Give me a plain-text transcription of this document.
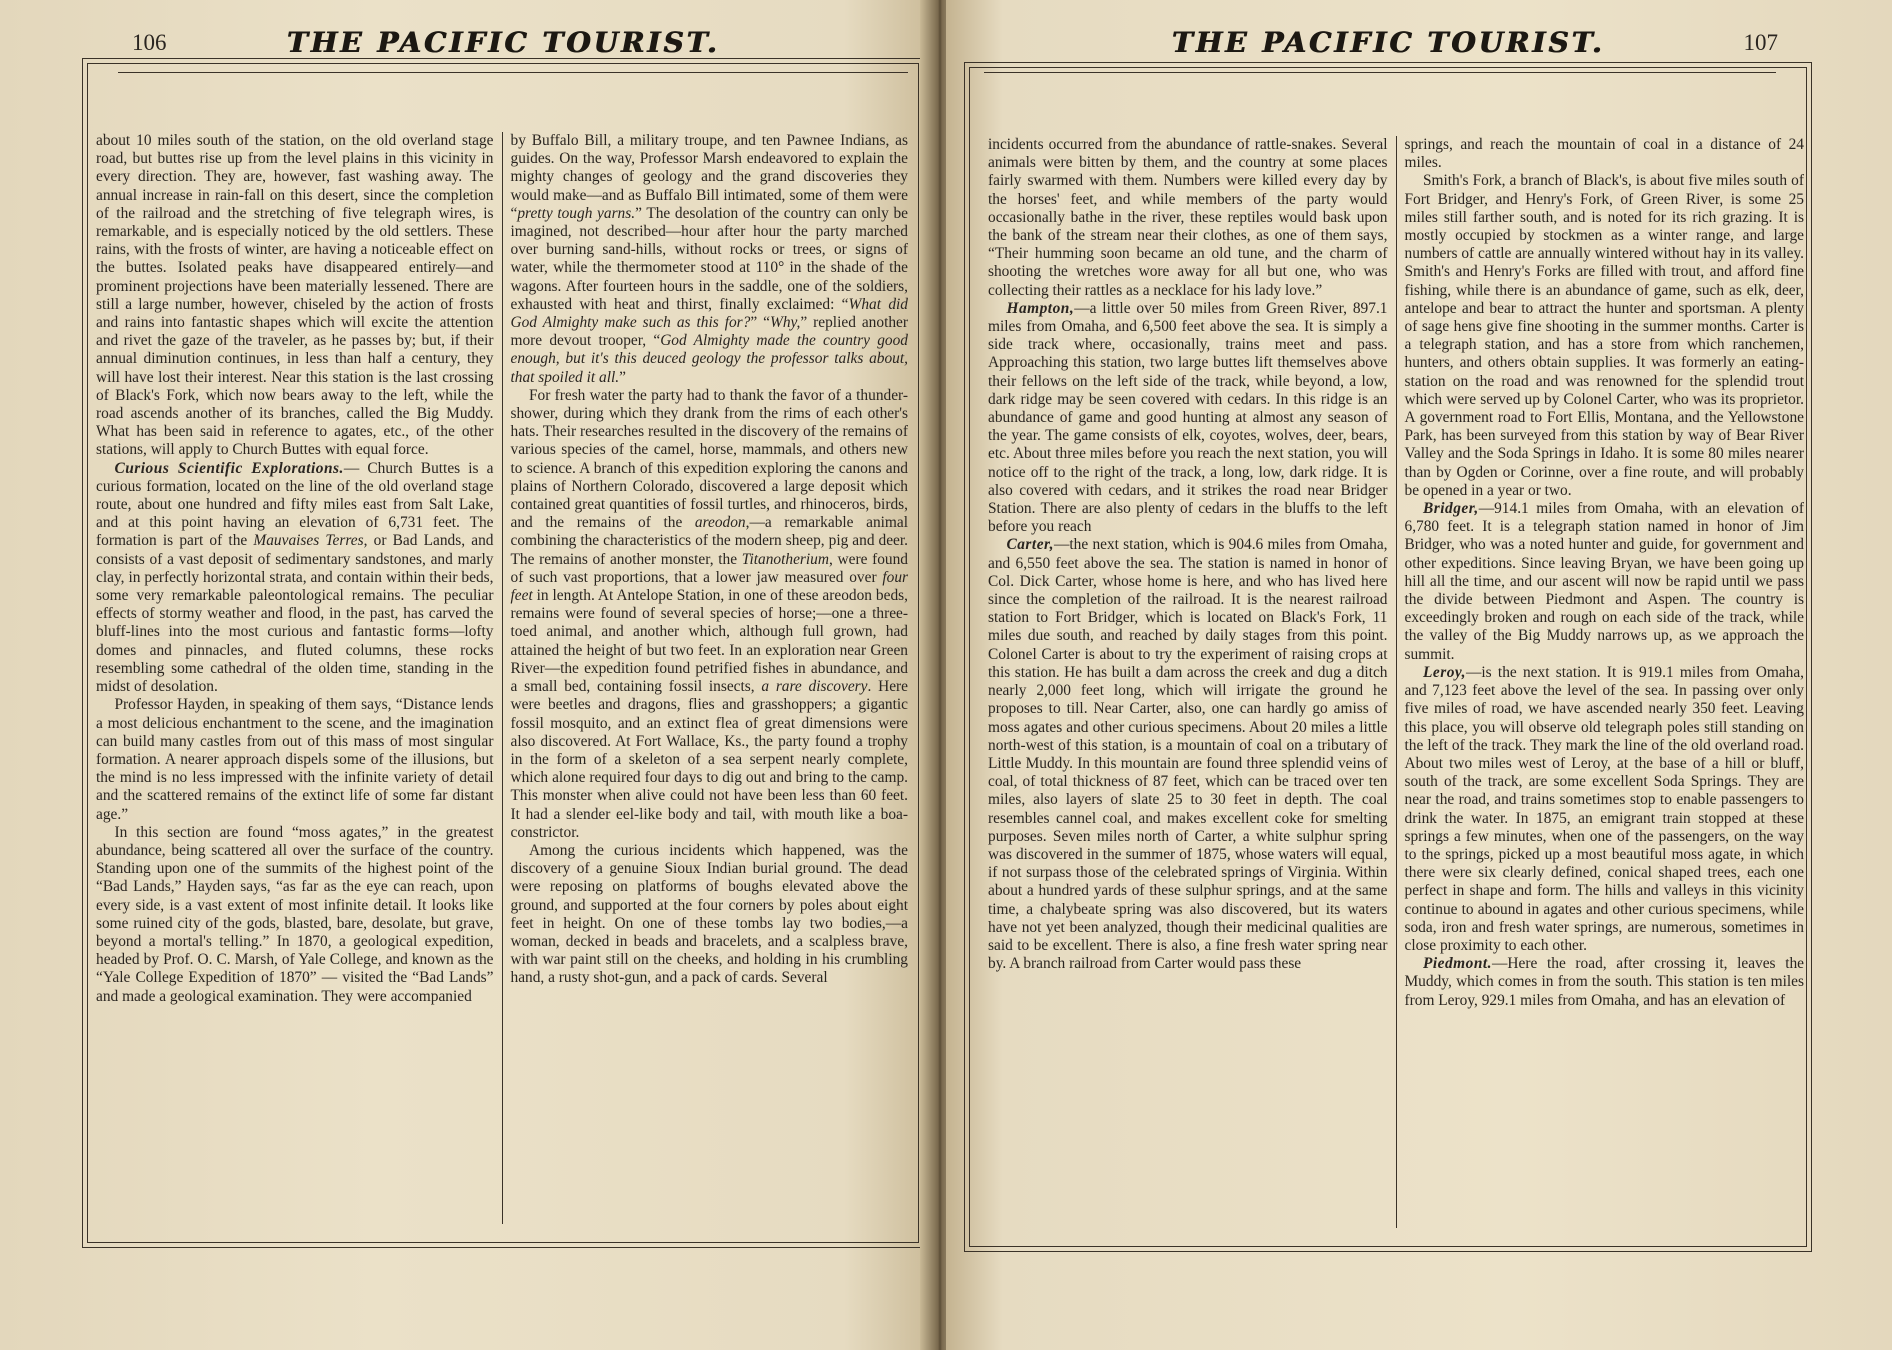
106	THE PACIFIC TOURIST.

about 10 miles south of the station, on the old overland stage road, but buttes rise up from the level plains in this vicinity in every direction. They are, however, fast washing away. The annual increase in rain-fall on this desert, since the completion of the railroad and the stretching of five telegraph wires, is remarkable, and is especially noticed by the old settlers. These rains, with the frosts of winter, are having a noticeable effect on the buttes. Isolated peaks have disappeared entirely—and prominent projections have been materially lessened. There are still a large number, however, chiseled by the action of frosts and rains into fantastic shapes which will excite the attention and rivet the gaze of the traveler, as he passes by; but, if their annual diminution continues, in less than half a century, they will have lost their interest. Near this station is the last crossing of Black's Fork, which now bears away to the left, while the road ascends another of its branches, called the Big Muddy. What has been said in reference to agates, etc., of the other stations, will apply to Church Buttes with equal force.

Curious Scientific Explorations.— Church Buttes is a curious formation, located on the line of the old overland stage route, about one hundred and fifty miles east from Salt Lake, and at this point having an elevation of 6,731 feet. The formation is part of the Mauvaises Terres, or Bad Lands, and consists of a vast deposit of sedimentary sandstones, and marly clay, in perfectly horizontal strata, and contain within their beds, some very remarkable paleontological remains. The peculiar effects of stormy weather and flood, in the past, has carved the bluff-lines into the most curious and fantastic forms—lofty domes and pinnacles, and fluted columns, these rocks resembling some cathedral of the olden time, standing in the midst of desolation.

Professor Hayden, in speaking of them says, “Distance lends a most delicious enchantment to the scene, and the imagination can build many castles from out of this mass of most singular formation. A nearer approach dispels some of the illusions, but the mind is no less impressed with the infinite variety of detail and the scattered remains of the extinct life of some far distant age.”

In this section are found “moss agates,” in the greatest abundance, being scattered all over the surface of the country. Standing upon one of the summits of the highest point of the “Bad Lands,” Hayden says, “as far as the eye can reach, upon every side, is a vast extent of most infinite detail. It looks like some ruined city of the gods, blasted, bare, desolate, but grave, beyond a mortal's telling.” In 1870, a geological expedition, headed by Prof. O. C. Marsh, of Yale College, and known as the “Yale College Expedition of 1870” — visited the “Bad Lands” and made a geological examination. They were accompanied

by Buffalo Bill, a military troupe, and ten Pawnee Indians, as guides. On the way, Professor Marsh endeavored to explain the mighty changes of geology and the grand discoveries they would make—and as Buffalo Bill intimated, some of them were “pretty tough yarns.” The desolation of the country can only be imagined, not described—hour after hour the party marched over burning sand-hills, without rocks or trees, or signs of water, while the thermometer stood at 110° in the shade of the wagons. After fourteen hours in the saddle, one of the soldiers, exhausted with heat and thirst, finally exclaimed: “What did God Almighty make such as this for?” “Why,” replied another more devout trooper, “God Almighty made the country good enough, but it's this deuced geology the professor talks about, that spoiled it all.”

For fresh water the party had to thank the favor of a thunder-shower, during which they drank from the rims of each other's hats. Their researches resulted in the discovery of the remains of various species of the camel, horse, mammals, and others new to science. A branch of this expedition exploring the canons and plains of Northern Colorado, discovered a large deposit which contained great quantities of fossil turtles, and rhinoceros, birds, and the remains of the areodon,—a remarkable animal combining the characteristics of the modern sheep, pig and deer. The remains of another monster, the Titanotherium, were found of such vast proportions, that a lower jaw measured over four feet in length. At Antelope Station, in one of these areodon beds, remains were found of several species of horse;—one a three-toed animal, and another which, although full grown, had attained the height of but two feet. In an exploration near Green River—the expedition found petrified fishes in abundance, and a small bed, containing fossil insects, a rare discovery. Here were beetles and dragons, flies and grasshoppers; a gigantic fossil mosquito, and an extinct flea of great dimensions were also discovered. At Fort Wallace, Ks., the party found a trophy in the form of a skeleton of a sea serpent nearly complete, which alone required four days to dig out and bring to the camp. This monster when alive could not have been less than 60 feet. It had a slender eel-like body and tail, with mouth like a boa-constrictor.

Among the curious incidents which happened, was the discovery of a genuine Sioux Indian burial ground. The dead were reposing on platforms of boughs elevated above the ground, and supported at the four corners by poles about eight feet in height. On one of these tombs lay two bodies,—a woman, decked in beads and bracelets, and a scalpless brave, with war paint still on the cheeks, and holding in his crumbling hand, a rusty shot-gun, and a pack of cards. Several

THE PACIFIC TOURIST.	107

incidents occurred from the abundance of rattle-snakes. Several animals were bitten by them, and the country at some places fairly swarmed with them. Numbers were killed every day by the horses' feet, and while members of the party would occasionally bathe in the river, these reptiles would bask upon the bank of the stream near their clothes, as one of them says, “Their humming soon became an old tune, and the charm of shooting the wretches wore away for all but one, who was collecting their rattles as a necklace for his lady love.”

Hampton,—a little over 50 miles from Green River, 897.1 miles from Omaha, and 6,500 feet above the sea. It is simply a side track where, occasionally, trains meet and pass. Approaching this station, two large buttes lift themselves above their fellows on the left side of the track, while beyond, a low, dark ridge may be seen covered with cedars. In this ridge is an abundance of game and good hunting at almost any season of the year. The game consists of elk, coyotes, wolves, deer, bears, etc. About three miles before you reach the next station, you will notice off to the right of the track, a long, low, dark ridge. It is also covered with cedars, and it strikes the road near Bridger Station. There are also plenty of cedars in the bluffs to the left before you reach

Carter,—the next station, which is 904.6 miles from Omaha, and 6,550 feet above the sea. The station is named in honor of Col. Dick Carter, whose home is here, and who has lived here since the completion of the railroad. It is the nearest railroad station to Fort Bridger, which is located on Black's Fork, 11 miles due south, and reached by daily stages from this point. Colonel Carter is about to try the experiment of raising crops at this station. He has built a dam across the creek and dug a ditch nearly 2,000 feet long, which will irrigate the ground he proposes to till. Near Carter, also, one can hardly go amiss of moss agates and other curious specimens. About 20 miles a little north-west of this station, is a mountain of coal on a tributary of Little Muddy. In this mountain are found three splendid veins of coal, of total thickness of 87 feet, which can be traced over ten miles, also layers of slate 25 to 30 feet in depth. The coal resembles cannel coal, and makes excellent coke for smelting purposes. Seven miles north of Carter, a white sulphur spring was discovered in the summer of 1875, whose waters will equal, if not surpass those of the celebrated springs of Virginia. Within about a hundred yards of these sulphur springs, and at the same time, a chalybeate spring was also discovered, but its waters have not yet been analyzed, though their medicinal qualities are said to be excellent. There is also, a fine fresh water spring near by. A branch railroad from Carter would pass these

springs, and reach the mountain of coal in a distance of 24 miles.

Smith's Fork, a branch of Black's, is about five miles south of Fort Bridger, and Henry's Fork, of Green River, is some 25 miles still farther south, and is noted for its rich grazing. It is mostly occupied by stockmen as a winter range, and large numbers of cattle are annually wintered without hay in its valley. Smith's and Henry's Forks are filled with trout, and afford fine fishing, while there is an abundance of game, such as elk, deer, antelope and bear to attract the hunter and sportsman. A plenty of sage hens give fine shooting in the summer months. Carter is a telegraph station, and has a store from which ranchemen, hunters, and others obtain supplies. It was formerly an eating-station on the road and was renowned for the splendid trout which were served up by Colonel Carter, who was its proprietor. A government road to Fort Ellis, Montana, and the Yellowstone Park, has been surveyed from this station by way of Bear River Valley and the Soda Springs in Idaho. It is some 80 miles nearer than by Ogden or Corinne, over a fine route, and will probably be opened in a year or two.

Bridger,—914.1 miles from Omaha, with an elevation of 6,780 feet. It is a telegraph station named in honor of Jim Bridger, who was a noted hunter and guide, for government and other expeditions. Since leaving Bryan, we have been going up hill all the time, and our ascent will now be rapid until we pass the divide between Piedmont and Aspen. The country is exceedingly broken and rough on each side of the track, while the valley of the Big Muddy narrows up, as we approach the summit.

Leroy,—is the next station. It is 919.1 miles from Omaha, and 7,123 feet above the level of the sea. In passing over only five miles of road, we have ascended nearly 350 feet. Leaving this place, you will observe old telegraph poles still standing on the left of the track. They mark the line of the old overland road. About two miles west of Leroy, at the base of a hill or bluff, south of the track, are some excellent Soda Springs. They are near the road, and trains sometimes stop to enable passengers to drink the water. In 1875, an emigrant train stopped at these springs a few minutes, when one of the passengers, on the way to the springs, picked up a most beautiful moss agate, in which there were six clearly defined, conical shaped trees, each one perfect in shape and form. The hills and valleys in this vicinity continue to abound in agates and other curious specimens, while soda, iron and fresh water springs, are numerous, sometimes in close proximity to each other.

Piedmont.—Here the road, after crossing it, leaves the Muddy, which comes in from the south. This station is ten miles from Leroy, 929.1 miles from Omaha, and has an elevation of
